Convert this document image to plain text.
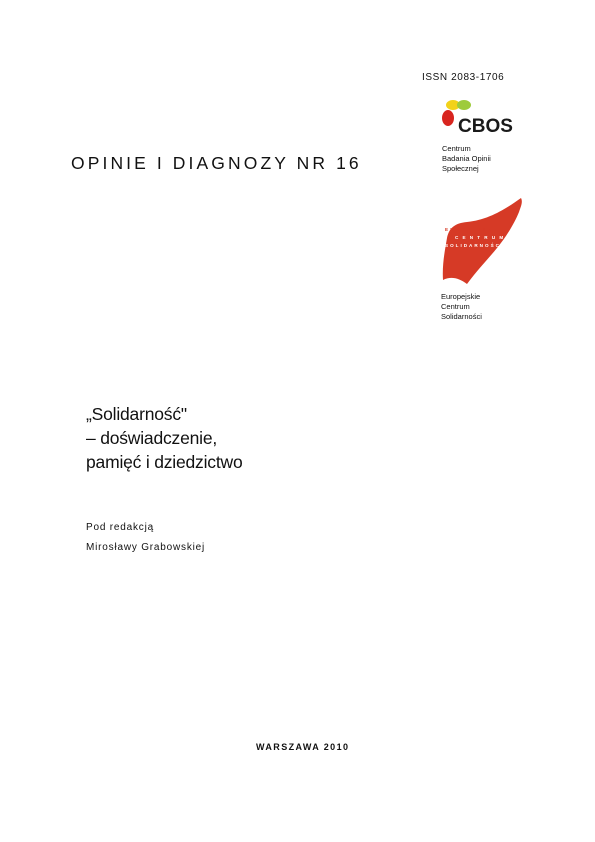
ISSN 2083-1706
CBOS
Centrum
Badania Opinii
Społecznej
OPINIE I DIAGNOZY NR 16
EUROPEJSKIE
CENTRUM
SOLIDARNOŚCI
Europejskie
Centrum
Solidarności
„Solidarność"
– doświadczenie,
pamięć i dziedzictwo
Pod redakcją
Mirosławy Grabowskiej
WARSZAWA 2010
